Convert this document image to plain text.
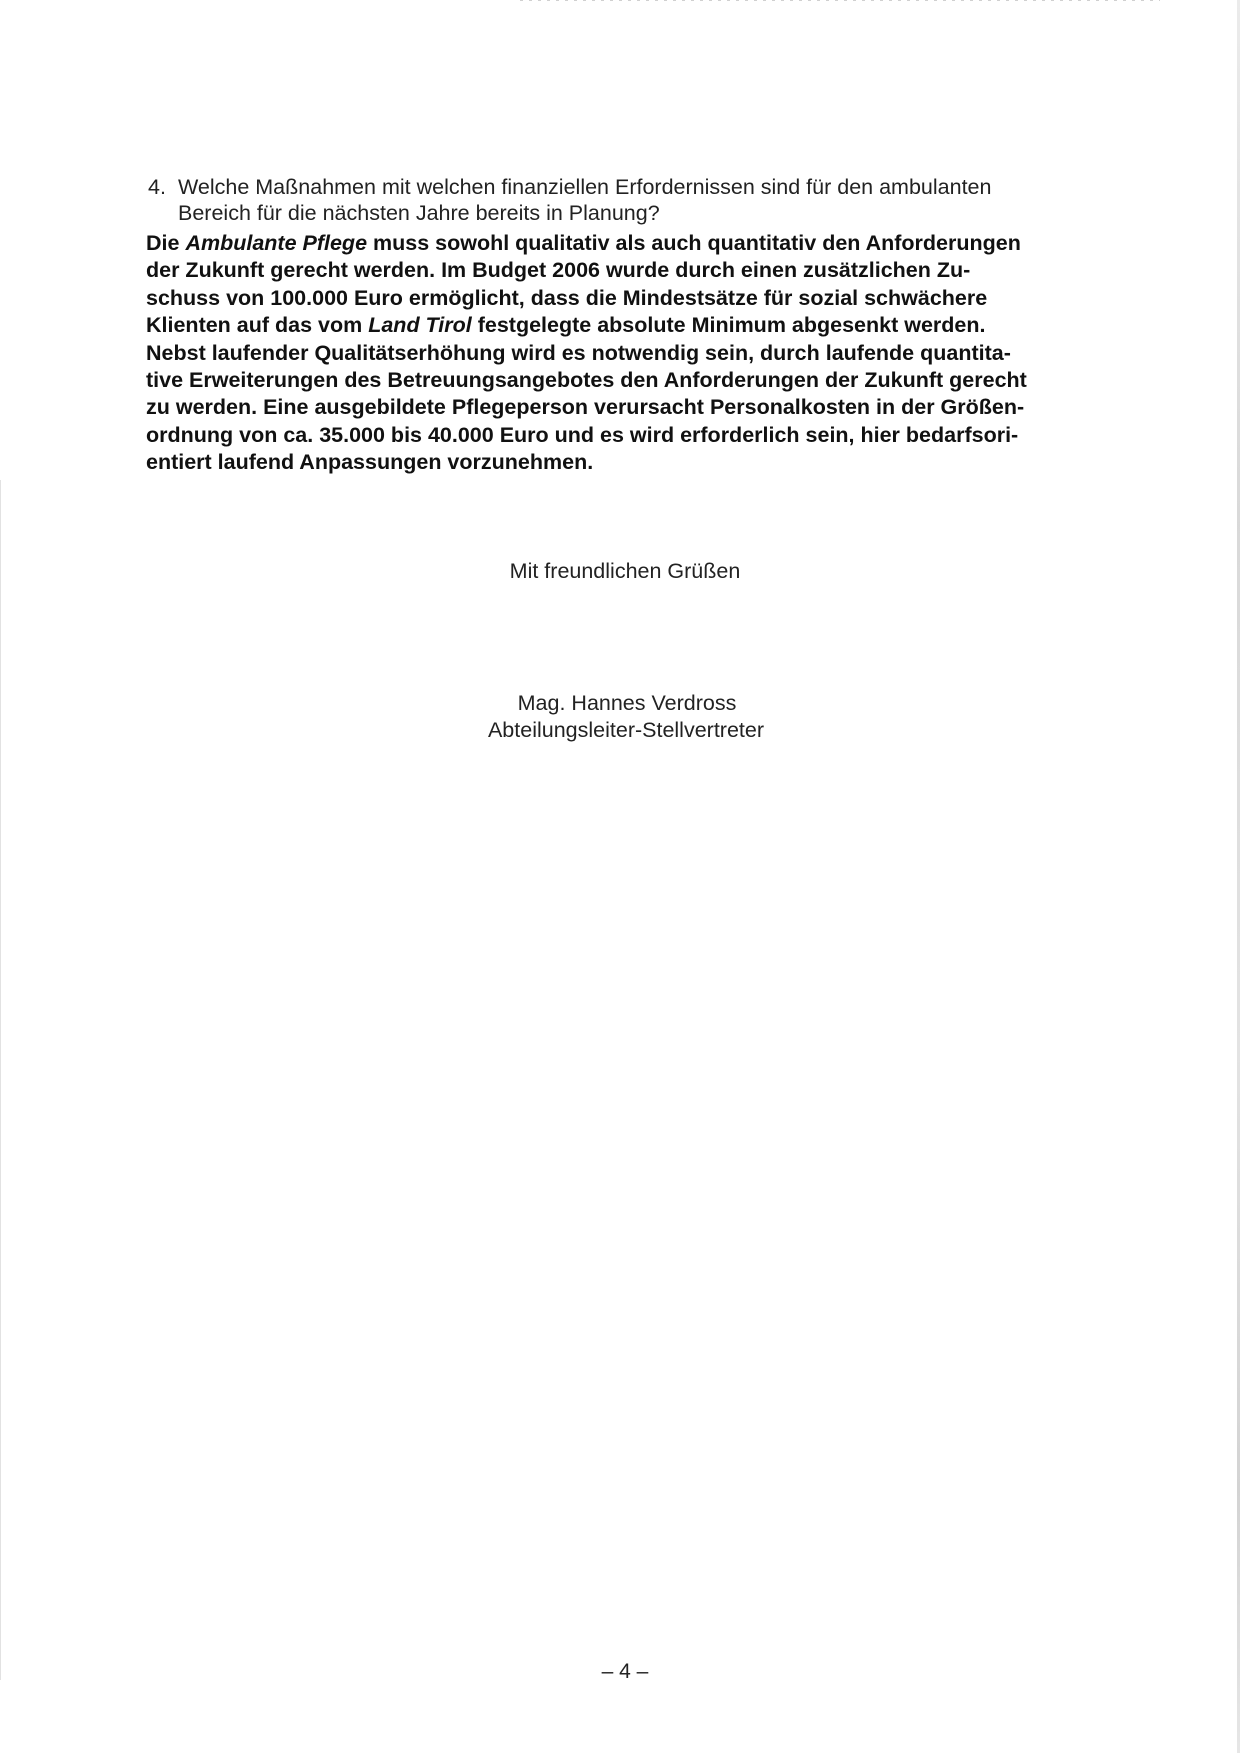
4. Welche Maßnahmen mit welchen finanziellen Erfordernissen sind für den ambulanten
Bereich für die nächsten Jahre bereits in Planung?
Die Ambulante Pflege muss sowohl qualitativ als auch quantitativ den Anforderungen
der Zukunft gerecht werden. Im Budget 2006 wurde durch einen zusätzlichen Zu-
schuss von 100.000 Euro ermöglicht, dass die Mindestsätze für sozial schwächere
Klienten auf das vom Land Tirol festgelegte absolute Minimum abgesenkt werden.
Nebst laufender Qualitätserhöhung wird es notwendig sein, durch laufende quantita-
tive Erweiterungen des Betreuungsangebotes den Anforderungen der Zukunft gerecht
zu werden. Eine ausgebildete Pflegeperson verursacht Personalkosten in der Größen-
ordnung von ca. 35.000 bis 40.000 Euro und es wird erforderlich sein, hier bedarfsori-
entiert laufend Anpassungen vorzunehmen.
Mit freundlichen Grüßen
Mag. Hannes Verdross
Abteilungsleiter-Stellvertreter
– 4 –
